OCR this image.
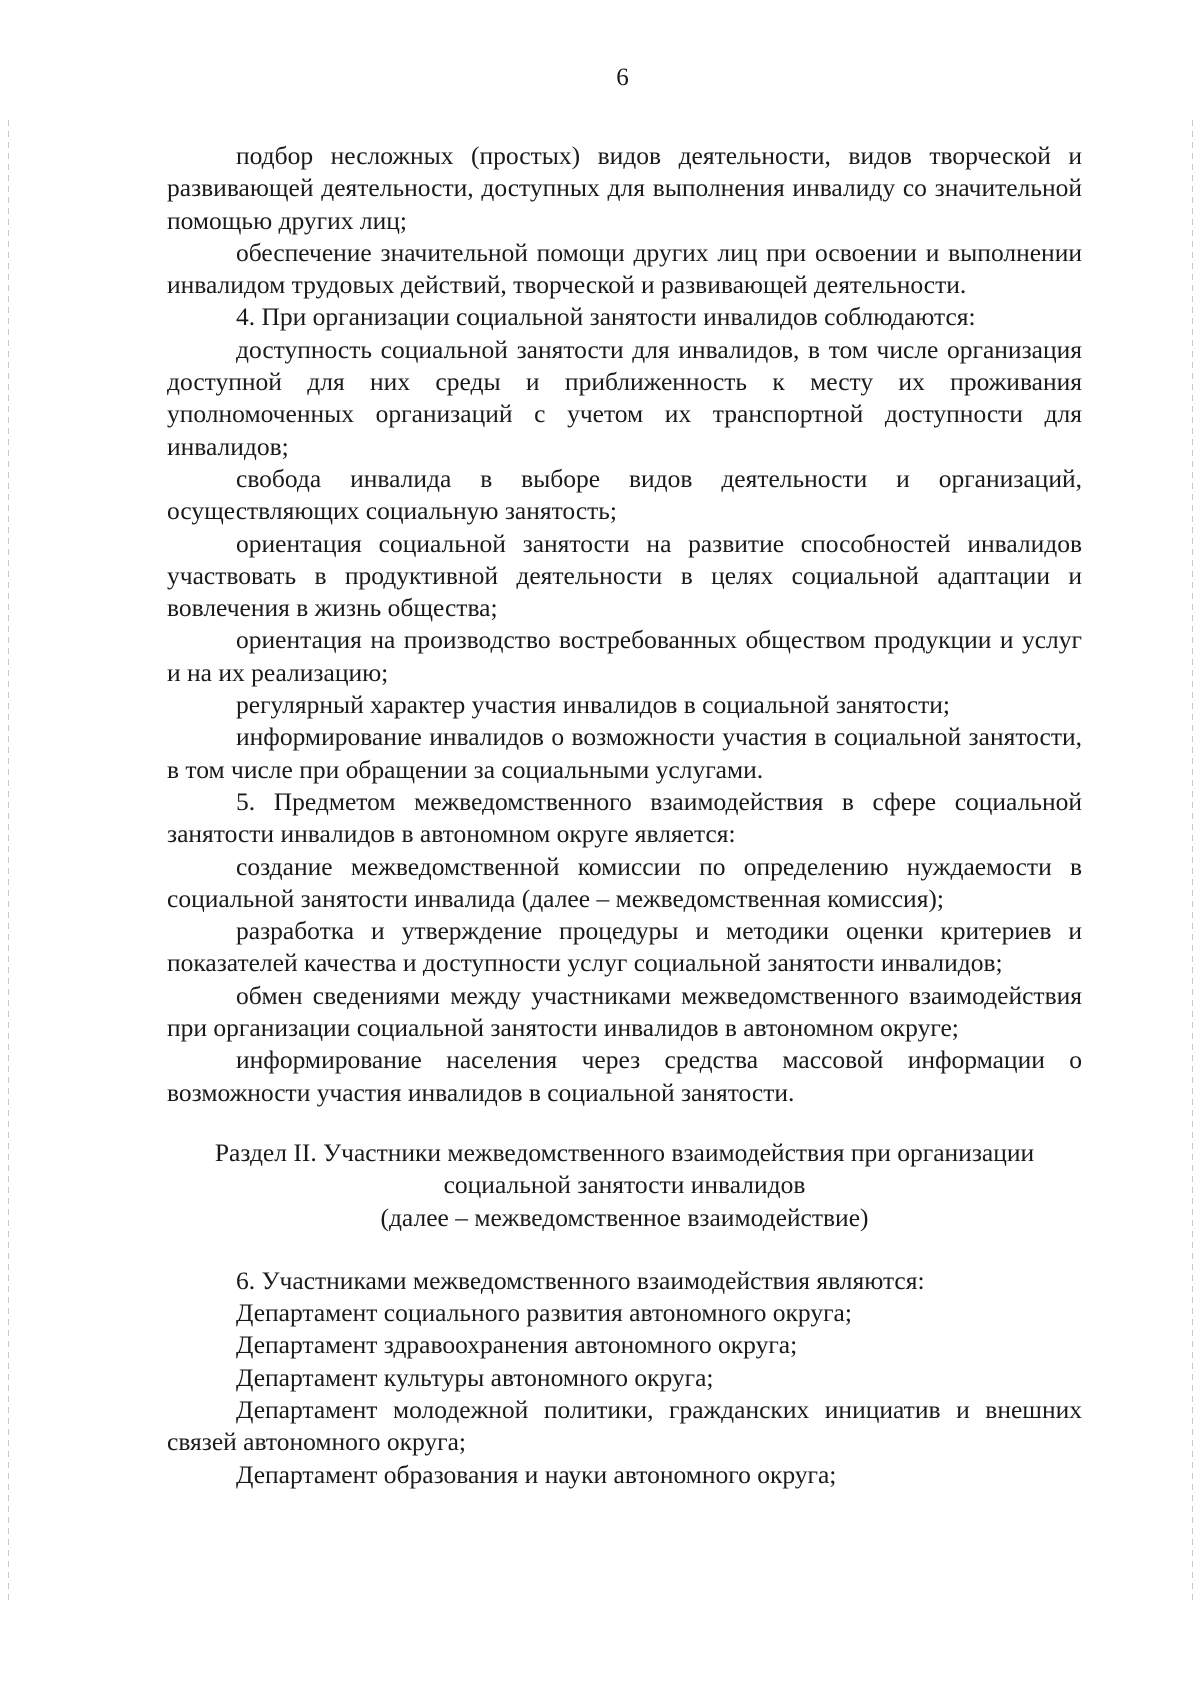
6

подбор несложных (простых) видов деятельности, видов творческой и развивающей деятельности, доступных для выполнения инвалиду со значительной помощью других лиц;

обеспечение значительной помощи других лиц при освоении и выполнении инвалидом трудовых действий, творческой и развивающей деятельности.

4. При организации социальной занятости инвалидов соблюдаются:

доступность социальной занятости для инвалидов, в том числе организация доступной для них среды и приближенность к месту их проживания уполномоченных организаций с учетом их транспортной доступности для инвалидов;

свобода инвалида в выборе видов деятельности и организаций, осуществляющих социальную занятость;

ориентация социальной занятости на развитие способностей инвалидов участвовать в продуктивной деятельности в целях социальной адаптации и вовлечения в жизнь общества;

ориентация на производство востребованных обществом продукции и услуг и на их реализацию;

регулярный характер участия инвалидов в социальной занятости;

информирование инвалидов о возможности участия в социальной занятости, в том числе при обращении за социальными услугами.

5. Предметом межведомственного взаимодействия в сфере социальной занятости инвалидов в автономном округе является:

создание межведомственной комиссии по определению нуждаемости в социальной занятости инвалида (далее – межведомственная комиссия);

разработка и утверждение процедуры и методики оценки критериев и показателей качества и доступности услуг социальной занятости инвалидов;

обмен сведениями между участниками межведомственного взаимодействия при организации социальной занятости инвалидов в автономном округе;

информирование населения через средства массовой информации о возможности участия инвалидов в социальной занятости.

Раздел II. Участники межведомственного взаимодействия при организации
социальной занятости инвалидов
(далее – межведомственное взаимодействие)

6. Участниками межведомственного взаимодействия являются:

Департамент социального развития автономного округа;

Департамент здравоохранения автономного округа;

Департамент культуры автономного округа;

Департамент молодежной политики, гражданских инициатив и внешних связей автономного округа;

Департамент образования и науки автономного округа;
